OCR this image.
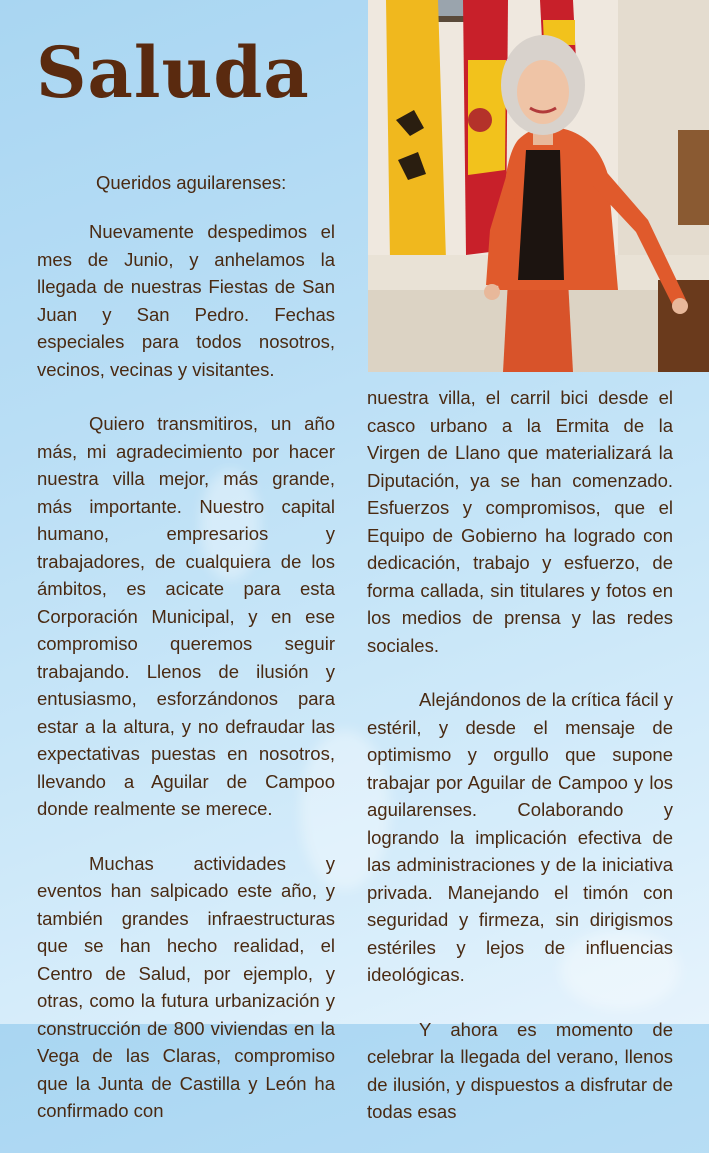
Saluda
Queridos aguilarenses:

Nuevamente despedimos el mes de Junio, y anhelamos la llegada de nuestras Fiestas de San Juan y San Pedro. Fechas especiales para todos nosotros, vecinos, vecinas y visitantes.

Quiero transmitiros, un año más, mi agradecimiento por hacer nuestra villa mejor, más grande, más importante. Nuestro capital humano, empresarios y trabajadores, de cualquiera de los ámbitos, es acicate para esta Corporación Municipal, y en ese compromiso queremos seguir trabajando. Llenos de ilusión y entusiasmo, esforzándonos para estar a la altura, y no defraudar las expectativas puestas en nosotros, llevando a Aguilar de Campoo donde realmente se merece.

Muchas actividades y eventos han salpicado este año, y también grandes infraestructuras que se han hecho realidad, el Centro de Salud, por ejemplo, y otras, como la futura urbanización y construcción de 800 viviendas en la Vega de las Claras, compromiso que la Junta de Castilla y León ha confirmado con

nuestra villa, el carril bici desde el casco urbano a la Ermita de la Virgen de Llano que materializará la Diputación, ya se han comenzado. Esfuerzos y compromisos, que el Equipo de Gobierno ha logrado con dedicación, trabajo y esfuerzo, de forma callada, sin titulares y fotos en los medios de prensa y las redes sociales.

Alejándonos de la crítica fácil y estéril, y desde el mensaje de optimismo y orgullo que supone trabajar por Aguilar de Campoo y los aguilarenses. Colaborando y logrando la implicación efectiva de las administraciones y de la iniciativa privada. Manejando el timón con seguridad y firmeza, sin dirigismos estériles y lejos de influencias ideológicas.

Y ahora es momento de celebrar la llegada del verano, llenos de ilusión, y dispuestos a disfrutar de todas esas
